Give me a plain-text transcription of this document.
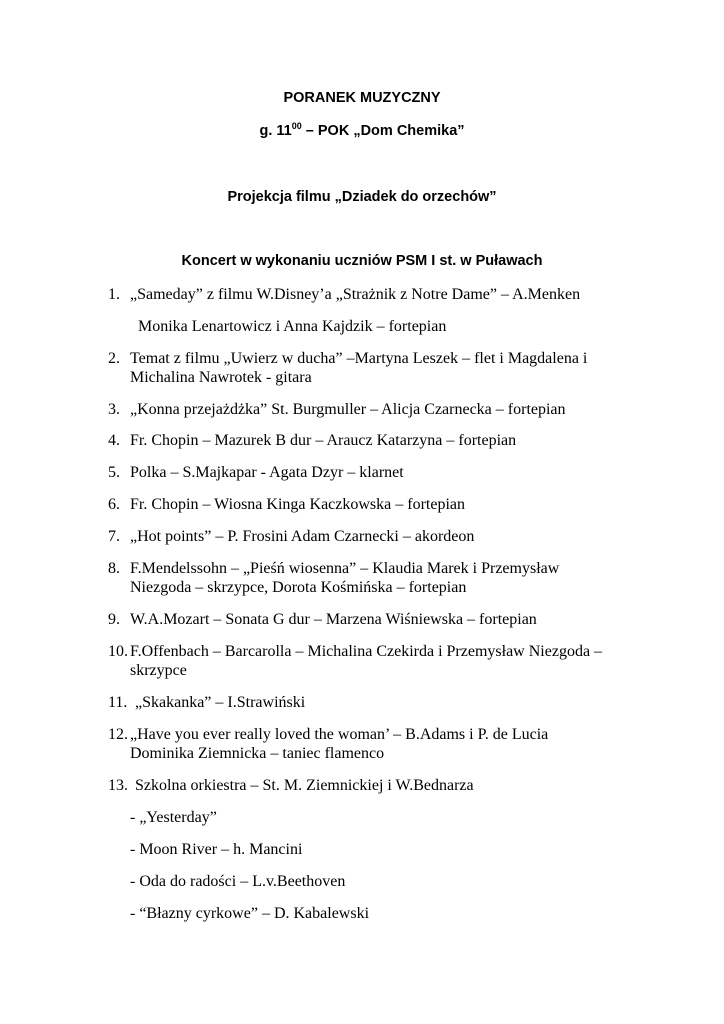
PORANEK MUZYCZNY
g. $11^{00}$ – POK „Dom Chemika”
Projekcja filmu „Dziadek do orzechów”
Koncert w wykonaniu uczniów PSM I st. w Puławach
1. „Sameday” z filmu W.Disney’a „Strażnik z Notre Dame” – A.Menken
Monika Lenartowicz i Anna Kajdzik – fortepian
2. Temat z filmu „Uwierz w ducha” –Martyna Leszek – flet i Magdalena i
Michalina Nawrotek - gitara
3. „Konna przejażdżka” St. Burgmuller – Alicja Czarnecka – fortepian
4. Fr. Chopin – Mazurek B dur – Araucz Katarzyna – fortepian
5. Polka – S.Majkapar - Agata Dzyr – klarnet
6. Fr. Chopin – Wiosna Kinga Kaczkowska – fortepian
7. „Hot points” – P. Frosini Adam Czarnecki – akordeon
8. F.Mendelssohn – „Pieśń wiosenna” – Klaudia Marek i Przemysław
Niezgoda – skrzypce, Dorota Kośmińska – fortepian
9. W.A.Mozart – Sonata G dur – Marzena Wiśniewska – fortepian
10. F.Offenbach – Barcarolla – Michalina Czekirda i Przemysław Niezgoda –
skrzypce
11. „Skakanka” – I.Strawiński
12. „Have you ever really loved the woman’ – B.Adams i P. de Lucia
Dominika Ziemnicka – taniec flamenco
13. Szkolna orkiestra – St. M. Ziemnickiej i W.Bednarza
- „Yesterday”
- Moon River – h. Mancini
- Oda do radości – L.v.Beethoven
- “Błazny cyrkowe” – D. Kabalewski
